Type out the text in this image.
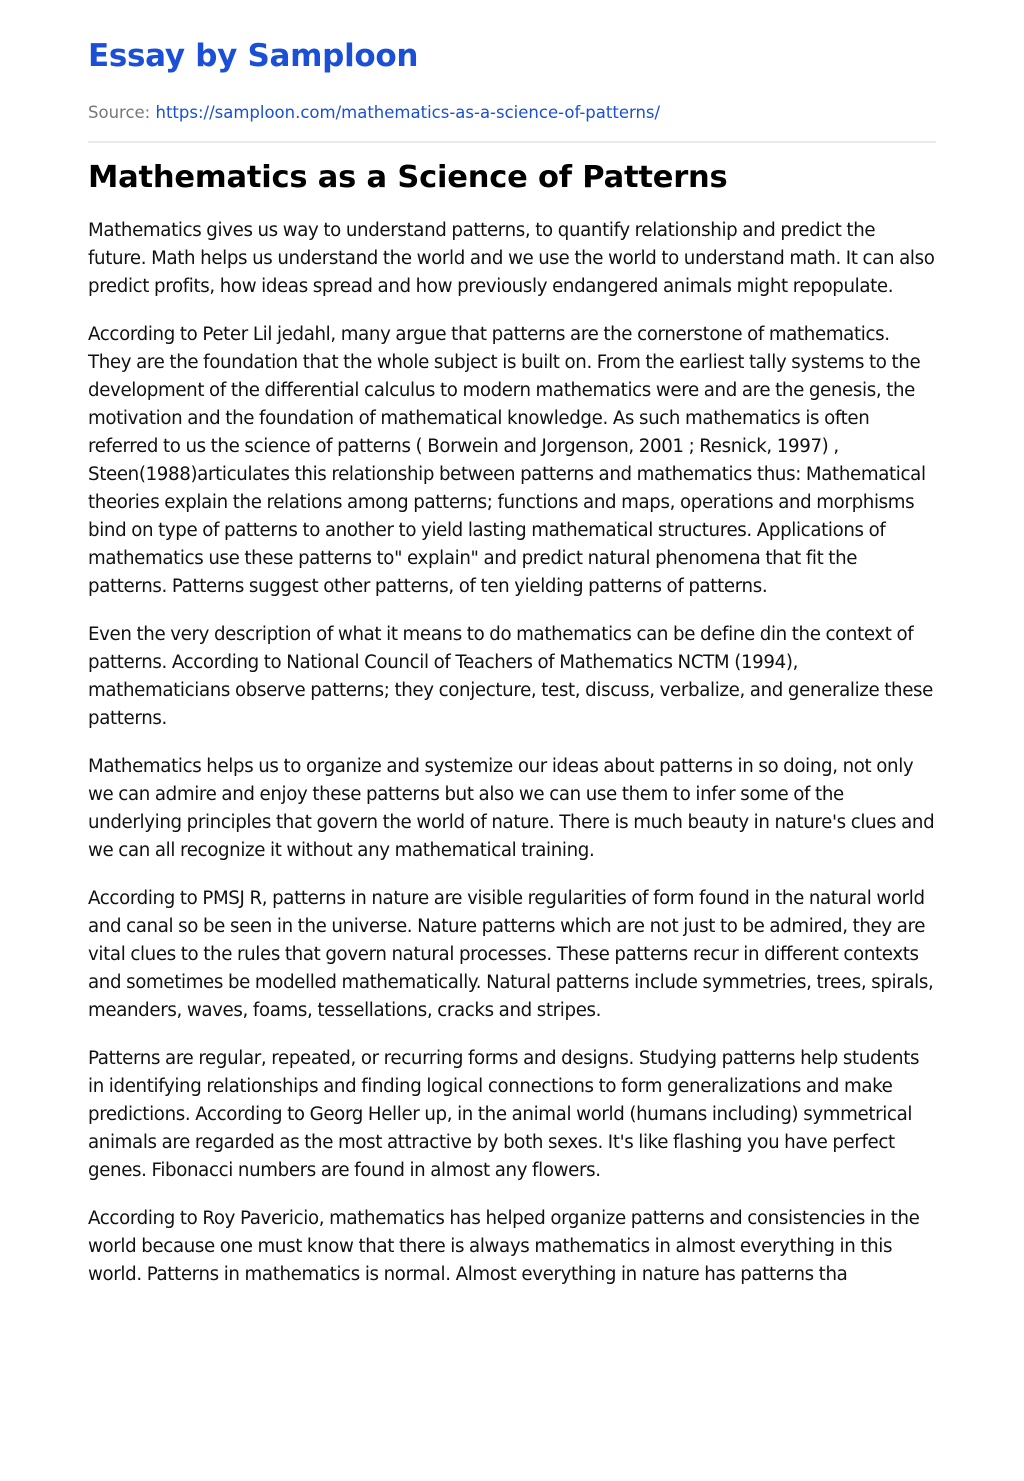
Essay by Samploon
Source: https://samploon.com/mathematics-as-a-science-of-patterns/
Mathematics as a Science of Patterns

Mathematics gives us way to understand patterns, to quantify relationship and predict the future. Math helps us understand the world and we use the world to understand math. It can also predict profits, how ideas spread and how previously endangered animals might repopulate.

According to Peter Lil jedahl, many argue that patterns are the cornerstone of mathematics. They are the foundation that the whole subject is built on. From the earliest tally systems to the development of the differential calculus to modern mathematics were and are the genesis, the motivation and the foundation of mathematical knowledge. As such mathematics is often referred to us the science of patterns ( Borwein and Jorgenson, 2001 ; Resnick, 1997) , Steen(1988)articulates this relationship between patterns and mathematics thus: Mathematical theories explain the relations among patterns; functions and maps, operations and morphisms bind on type of patterns to another to yield lasting mathematical structures. Applications of mathematics use these patterns to" explain" and predict natural phenomena that fit the patterns. Patterns suggest other patterns, of ten yielding patterns of patterns.

Even the very description of what it means to do mathematics can be define din the context of patterns. According to National Council of Teachers of Mathematics NCTM (1994), mathematicians observe patterns; they conjecture, test, discuss, verbalize, and generalize these patterns.

Mathematics helps us to organize and systemize our ideas about patterns in so doing, not only we can admire and enjoy these patterns but also we can use them to infer some of the underlying principles that govern the world of nature. There is much beauty in nature's clues and we can all recognize it without any mathematical training.

According to PMSJ R, patterns in nature are visible regularities of form found in the natural world and canal so be seen in the universe. Nature patterns which are not just to be admired, they are vital clues to the rules that govern natural processes. These patterns recur in different contexts and sometimes be modelled mathematically. Natural patterns include symmetries, trees, spirals, meanders, waves, foams, tessellations, cracks and stripes.

Patterns are regular, repeated, or recurring forms and designs. Studying patterns help students in identifying relationships and finding logical connections to form generalizations and make predictions. According to Georg Heller up, in the animal world (humans including) symmetrical animals are regarded as the most attractive by both sexes. It's like flashing you have perfect genes. Fibonacci numbers are found in almost any flowers.

According to Roy Pavericio, mathematics has helped organize patterns and consistencies in the world because one must know that there is always mathematics in almost everything in this world. Patterns in mathematics is normal. Almost everything in nature has patterns tha
